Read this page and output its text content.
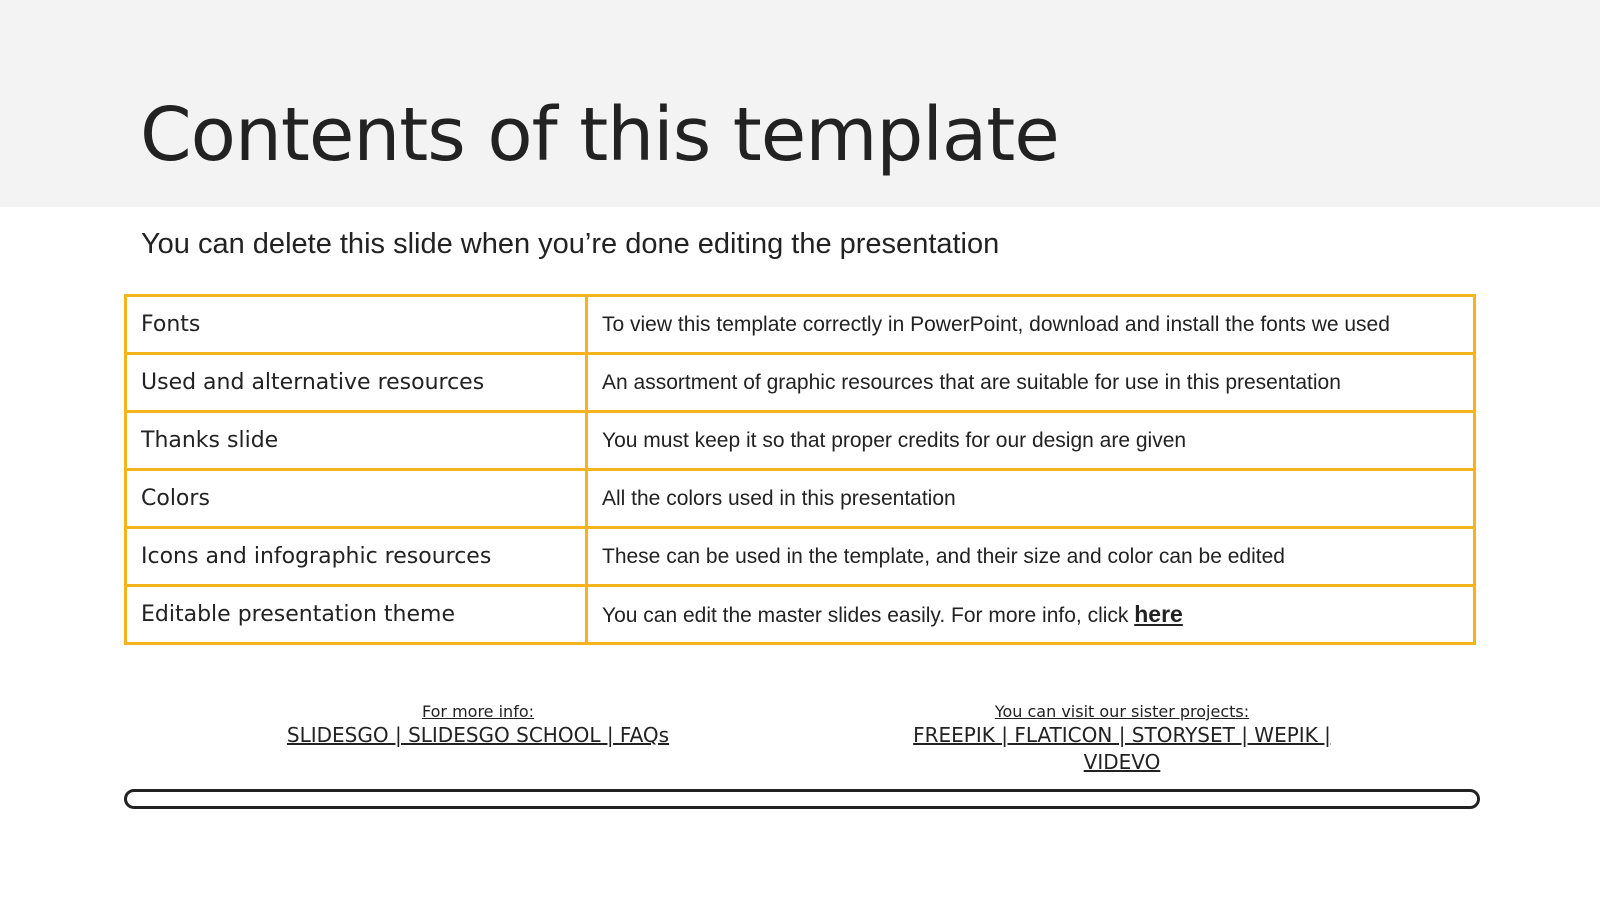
Contents of this template

You can delete this slide when you’re done editing the presentation

Fonts	To view this template correctly in PowerPoint, download and install the fonts we used
Used and alternative resources	An assortment of graphic resources that are suitable for use in this presentation
Thanks slide	You must keep it so that proper credits for our design are given
Colors	All the colors used in this presentation
Icons and infographic resources	These can be used in the template, and their size and color can be edited
Editable presentation theme	You can edit the master slides easily. For more info, click here
For more info:
SLIDESGO | SLIDESGO SCHOOL | FAQs
You can visit our sister projects:
FREEPIK | FLATICON | STORYSET | WEPIK |
VIDEVO
